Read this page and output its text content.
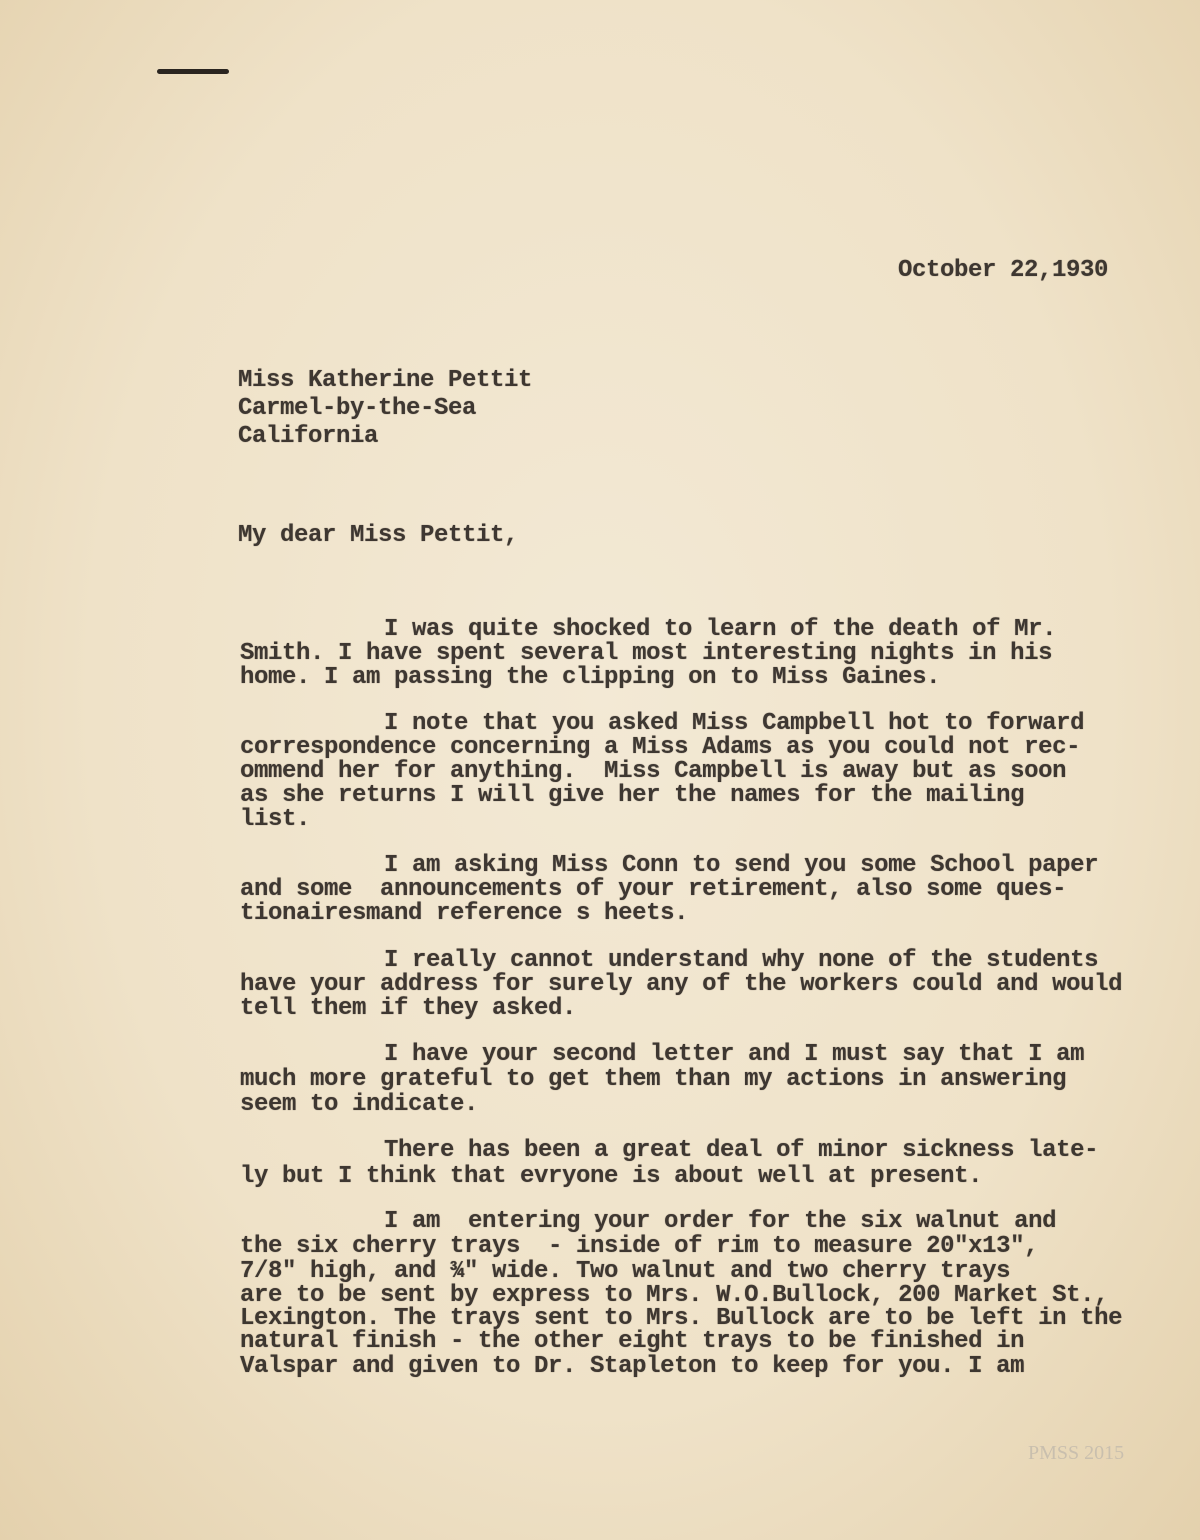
October 22,1930
Miss Katherine Pettit
Carmel-by-the-Sea
California
My dear Miss Pettit,
I was quite shocked to learn of the death of Mr.
Smith. I have spent several most interesting nights in his
home. I am passing the clipping on to Miss Gaines.
I note that you asked Miss Campbell hot to forward
correspondence concerning a Miss Adams as you could not rec-
ommend her for anything.  Miss Campbell is away but as soon
as she returns I will give her the names for the mailing
list.
I am asking Miss Conn to send you some School paper
and some  announcements of your retirement, also some ques-
tionairesmand reference s heets.
I really cannot understand why none of the students
have your address for surely any of the workers could and would
tell them if they asked.
I have your second letter and I must say that I am
much more grateful to get them than my actions in answering
seem to indicate.
There has been a great deal of minor sickness late-
ly but I think that evryone is about well at present.
I am  entering your order for the six walnut and
the six cherry trays  - inside of rim to measure 20"x13",
7/8" high, and ¾" wide. Two walnut and two cherry trays
are to be sent by express to Mrs. W.O.Bullock, 200 Market St.,
Lexington. The trays sent to Mrs. Bullock are to be left in the
natural finish - the other eight trays to be finished in
Valspar and given to Dr. Stapleton to keep for you. I am
PMSS 2015
